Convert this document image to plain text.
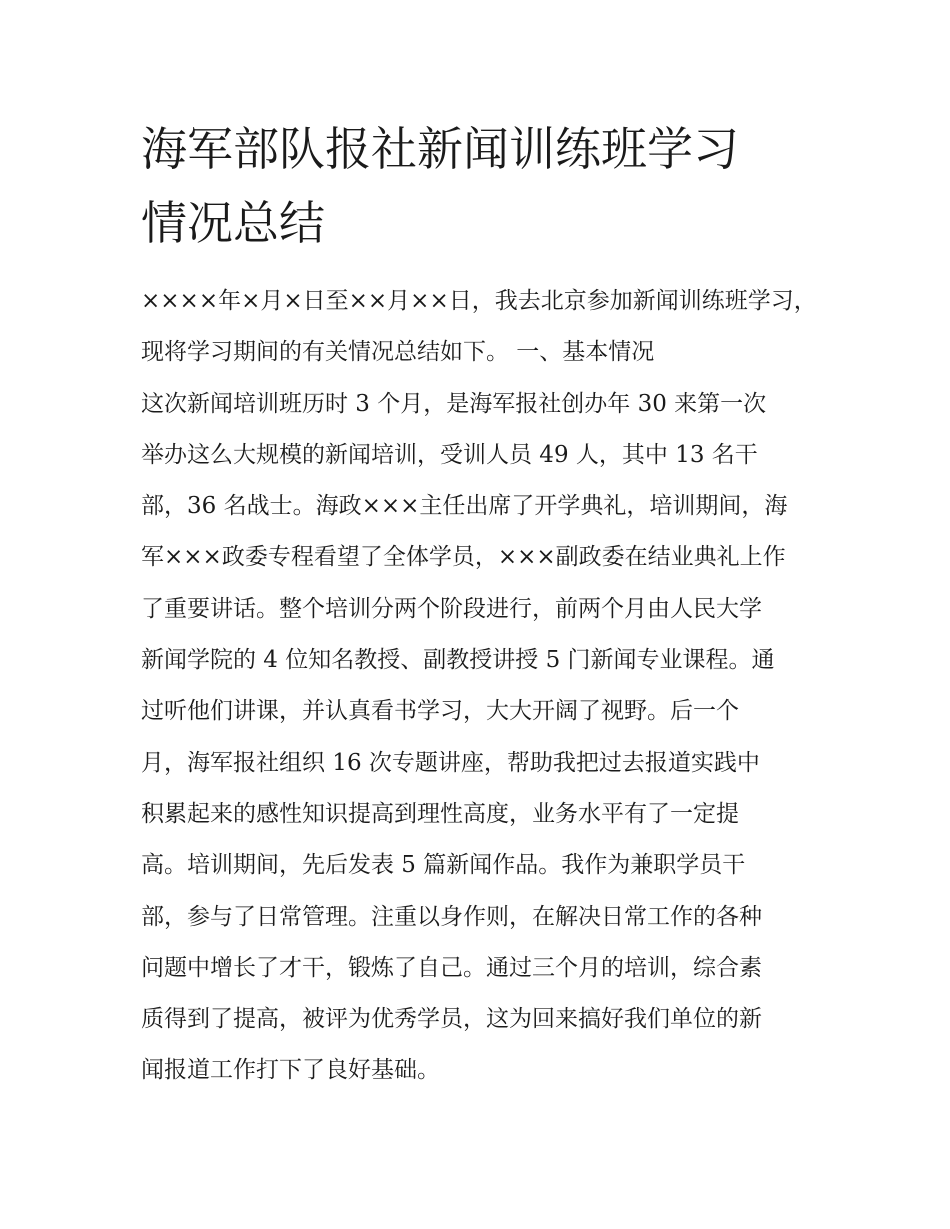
海军部队报社新闻训练班学习
情况总结
××××年×月×日至××月××日，我去北京参加新闻训练班学习，
现将学习期间的有关情况总结如下。 一、基本情况
这次新闻培训班历时 3 个月，是海军报社创办年 30 来第一次
举办这么大规模的新闻培训，受训人员 49 人，其中 13 名干
部，36 名战士。海政×××主任出席了开学典礼，培训期间，海
军×××政委专程看望了全体学员，×××副政委在结业典礼上作
了重要讲话。整个培训分两个阶段进行，前两个月由人民大学
新闻学院的 4 位知名教授、副教授讲授 5 门新闻专业课程。通
过听他们讲课，并认真看书学习，大大开阔了视野。后一个
月，海军报社组织 16 次专题讲座，帮助我把过去报道实践中
积累起来的感性知识提高到理性高度，业务水平有了一定提
高。培训期间，先后发表 5 篇新闻作品。我作为兼职学员干
部，参与了日常管理。注重以身作则，在解决日常工作的各种
问题中增长了才干，锻炼了自己。通过三个月的培训，综合素
质得到了提高，被评为优秀学员，这为回来搞好我们单位的新
闻报道工作打下了良好基础。
